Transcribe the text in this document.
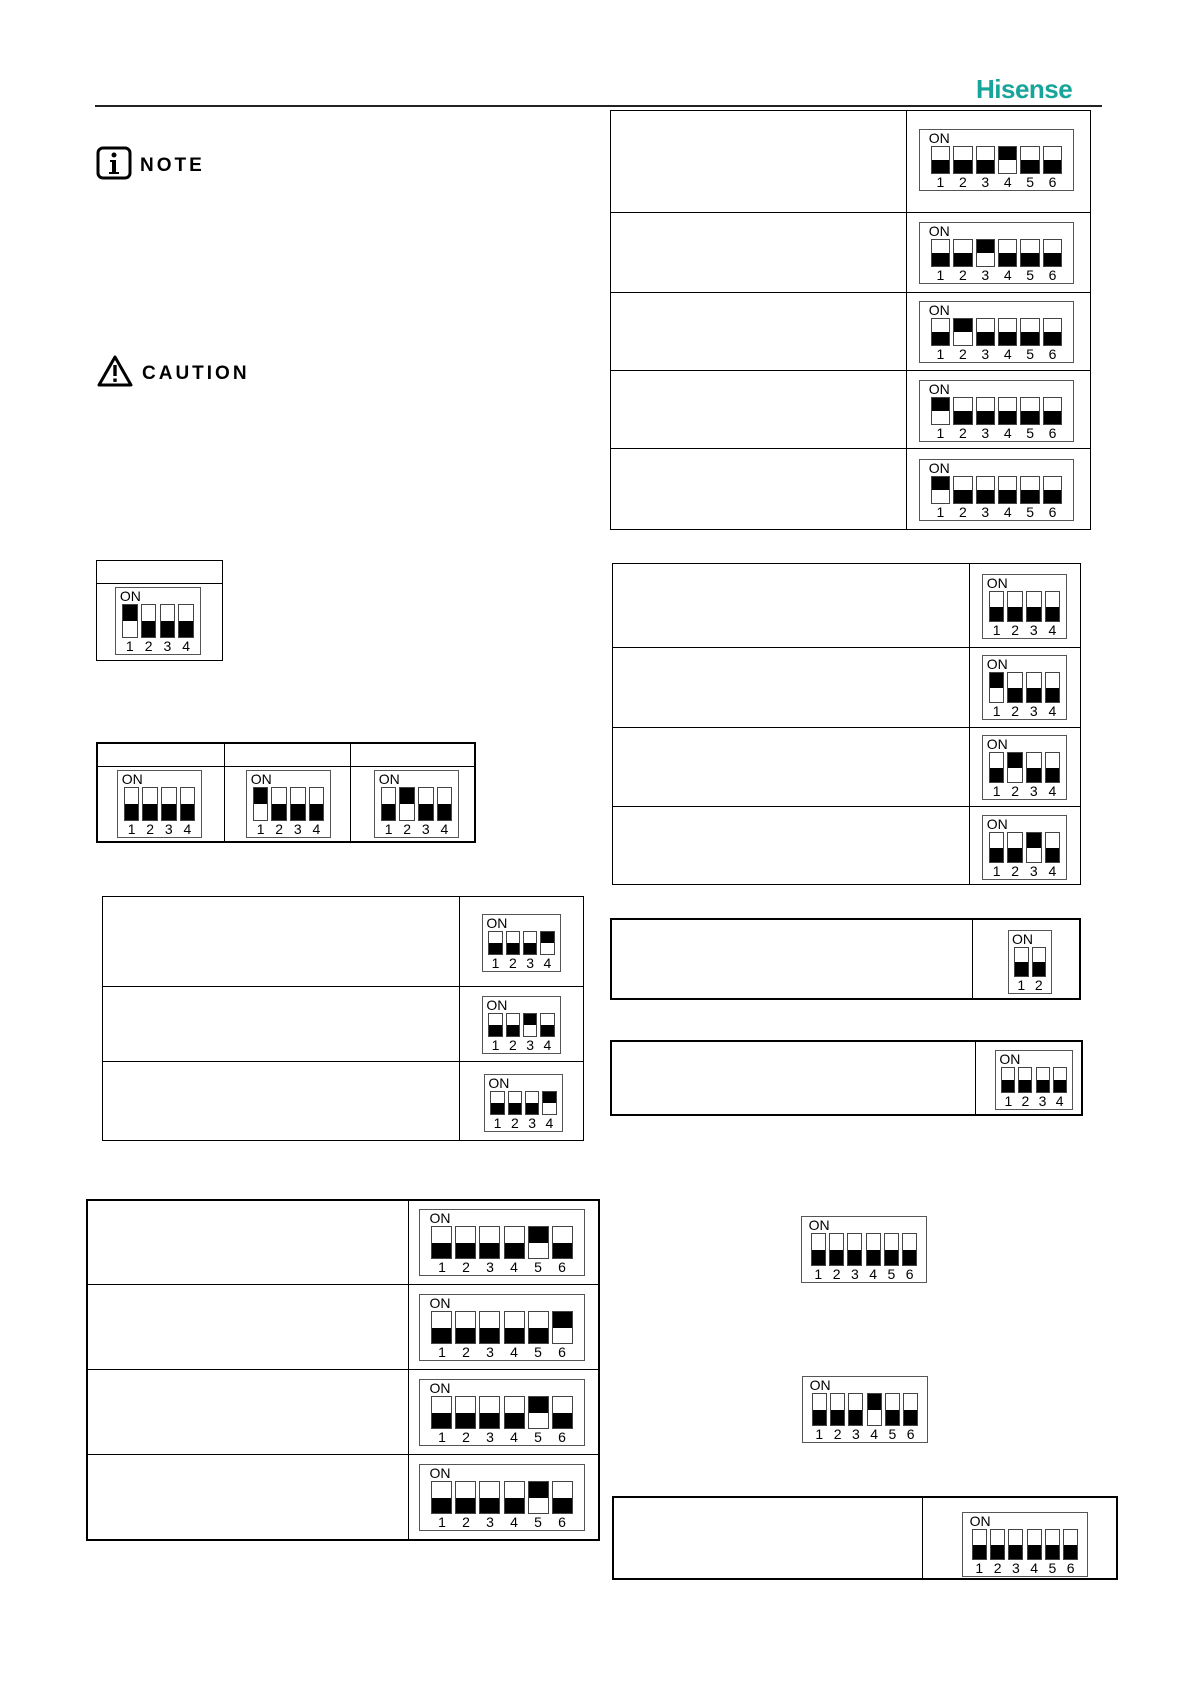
Hisense
NOTE
CAUTION
ON
1 2 3 4
ON
1 2 3 4
ON
1 2 3 4
ON
1 2 3 4
ON
1 2 3 4
ON
1 2 3 4
ON
1 2 3 4
ON
1	2	3	4	5	6
ON
1	2	3	4	5	6
ON
1	2	3	4	5	6
ON
1	2	3	4	5	6
ON
1	2	3	4	5	6
ON
1	2	3	4	5	6
ON
1	2	3	4	5	6
ON
1	2	3	4	5	6
ON
1	2	3	4	5	6
ON
1 2 3 4
ON
1 2 3 4
ON
1 2 3 4
ON
1 2 3 4
ON
1 2
ON
1 2 3 4
ON
1 2 3 4 5 6
ON
1 2 3 4 5 6
ON
1 2 3 4 5 6
